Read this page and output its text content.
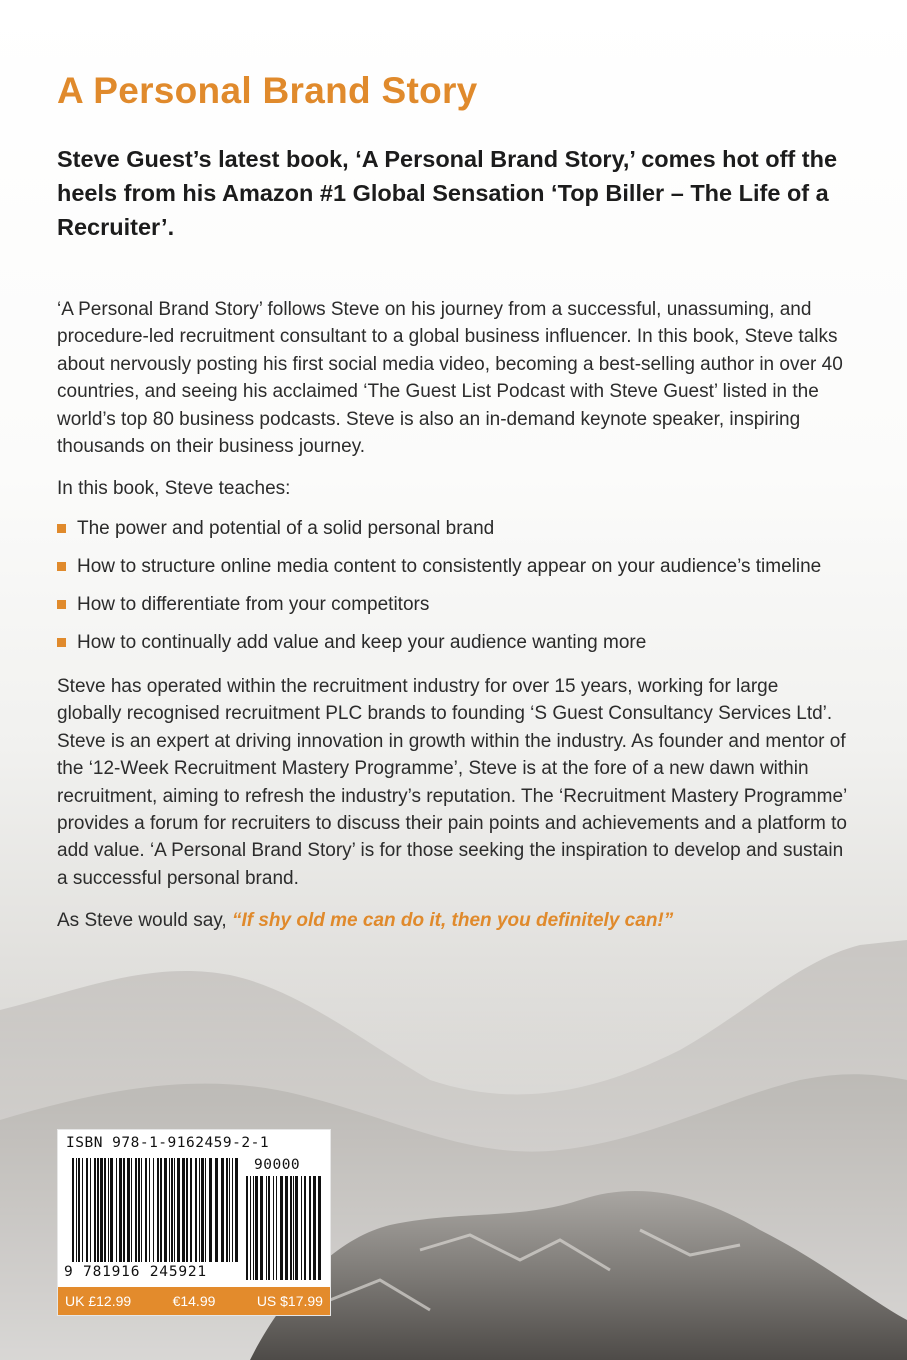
A Personal Brand Story

Steve Guest’s latest book, ‘A Personal Brand Story,’ comes hot off the heels from his Amazon #1 Global Sensation ‘Top Biller – The Life of a Recruiter’.

‘A Personal Brand Story’ follows Steve on his journey from a successful, unassuming, and procedure-led recruitment consultant to a global business influencer. In this book, Steve talks about nervously posting his first social media video, becoming a best-selling author in over 40 countries, and seeing his acclaimed ‘The Guest List Podcast with Steve Guest’ listed in the world’s top 80 business podcasts. Steve is also an in-demand keynote speaker, inspiring thousands on their business journey.

In this book, Steve teaches:

The power and potential of a solid personal brand
How to structure online media content to consistently appear on your audience’s timeline
How to differentiate from your competitors
How to continually add value and keep your audience wanting more

Steve has operated within the recruitment industry for over 15 years, working for large globally recognised recruitment PLC brands to founding ‘S Guest Consultancy Services Ltd’. Steve is an expert at driving innovation in growth within the industry. As founder and mentor of the ‘12-Week Recruitment Mastery Programme’, Steve is at the fore of a new dawn within recruitment, aiming to refresh the industry’s reputation. The ‘Recruitment Mastery Programme’ provides a forum for recruiters to discuss their pain points and achievements and a platform to add value. ‘A Personal Brand Story’ is for those seeking the inspiration to develop and sustain a successful personal brand.

As Steve would say, “If shy old me can do it, then you definitely can!”

ISBN 978-1-9162459-2-1
90000
9 781916 245921
UK £12.99	€14.99	US $17.99
